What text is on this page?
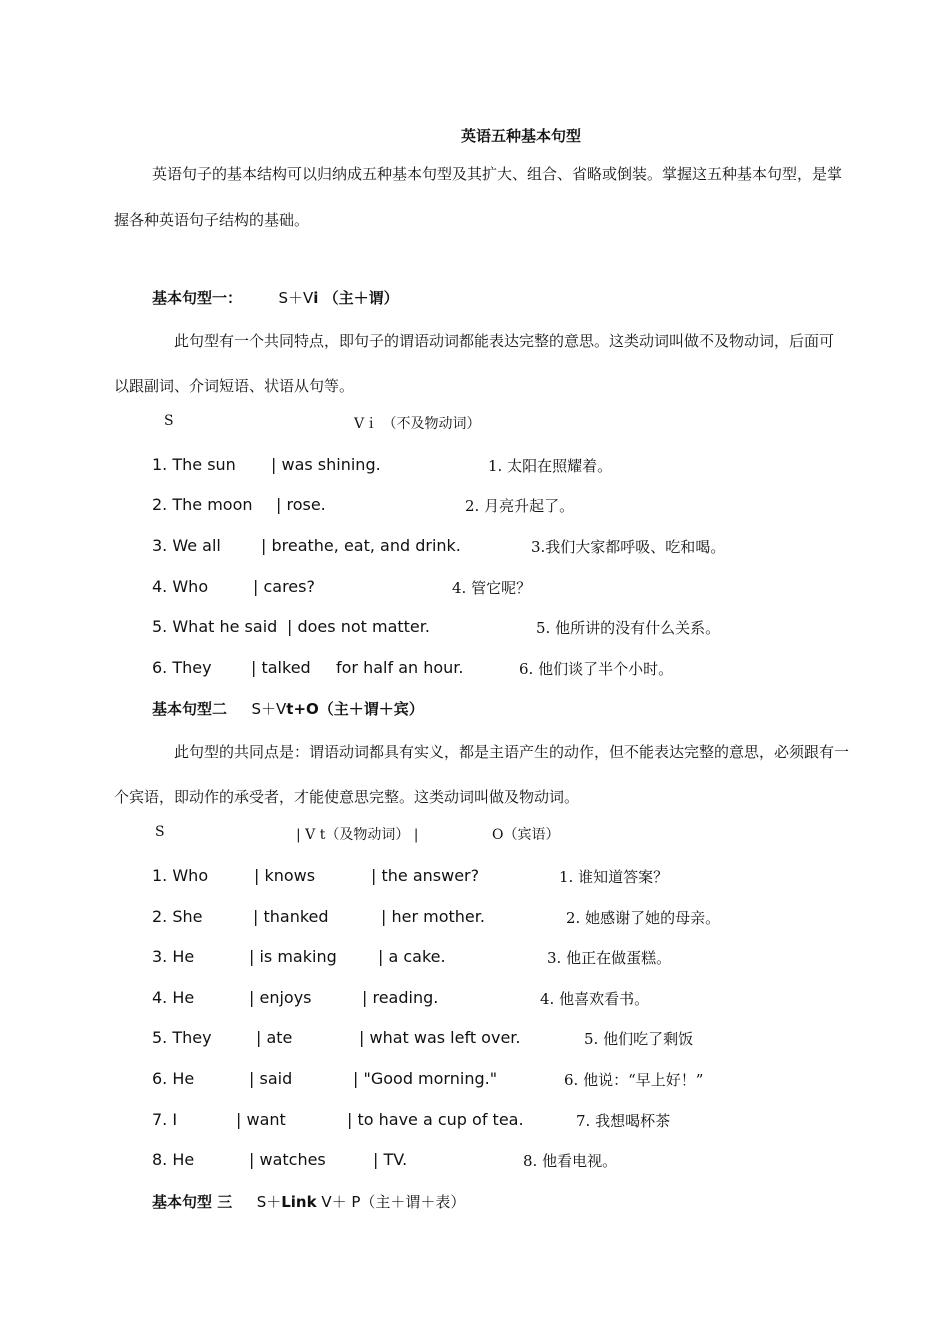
英语五种基本句型
英语句子的基本结构可以归纳成五种基本句型及其扩大、组合、省略或倒装。掌握这五种基本句型，是掌
握各种英语句子结构的基础。
基本句型一： S＋Vi （主＋谓）
此句型有一个共同特点，即句子的谓语动词都能表达完整的意思。这类动词叫做不及物动词，后面可
以跟副词、介词短语、状语从句等。
S	Vｉ （不及物动词）
1. The sun | was shining.	1. 太阳在照耀着。
2. The moon | rose.	2. 月亮升起了。
3. We all	| breathe, eat, and drink.	3.我们大家都呼吸、吃和喝。
4. Who	| cares?	4. 管它呢？
5. What he said | does not matter.	5. 他所讲的没有什么关系。
6. They | talked for half an hour.	6. 他们谈了半个小时。
基本句型二 S＋Vt+O（主＋谓＋宾）
此句型的共同点是：谓语动词都具有实义，都是主语产生的动作，但不能表达完整的意思，必须跟有一
个宾语，即动作的承受者，才能使意思完整。这类动词叫做及物动词。
S	| V t（及物动词） |	O（宾语）
1. Who	| knows	| the answer?	1. 谁知道答案？
2. She	| thanked	| her mother.	2. 她感谢了她的母亲。
3. He	| is making	| a cake.	3. 他正在做蛋糕。
4. He	| enjoys	| reading.	4. 他喜欢看书。
5. They	| ate	| what was left over.	5. 他们吃了剩饭
6. He	| said	| "Good morning."	6. 他说：“早上好！”
7. I	| want	| to have a cup of tea.	7. 我想喝杯茶
8. He	| watches	| TV.	8. 他看电视。
基本句型 三 S＋Link V＋ P（主＋谓＋表）
